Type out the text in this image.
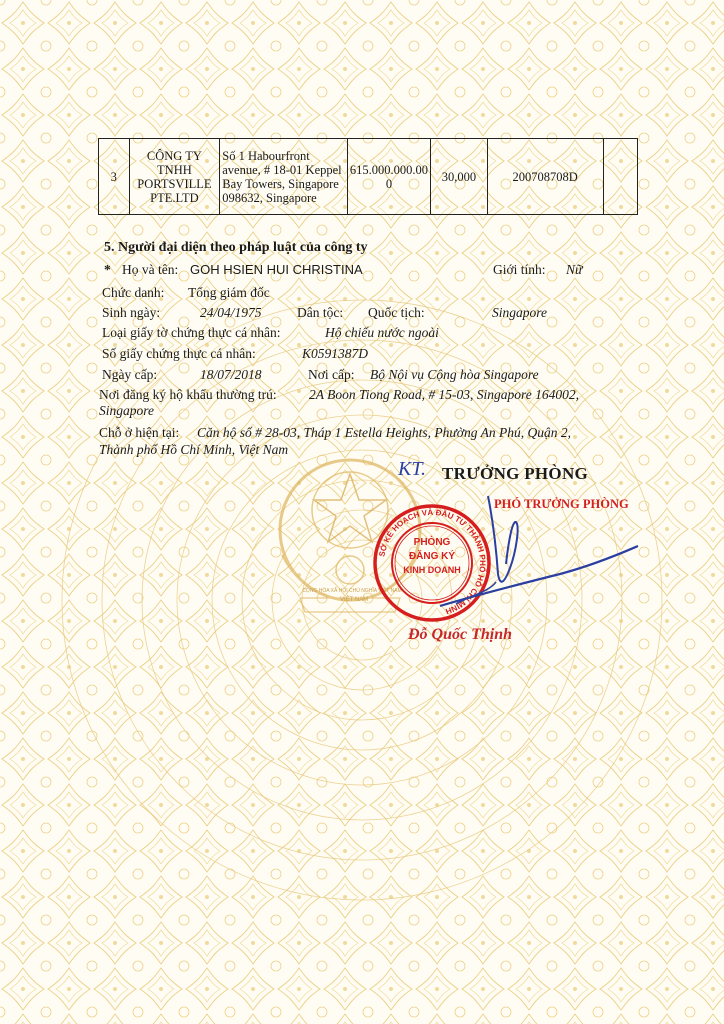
CỘNG HÒA XÃ HỘI CHỦ NGHĨA VIỆT NAM
VIỆT NAM
3	CÔNG TY TNHH PORTSVILLE PTE.LTD	Số 1 Habourfront avenue, # 18-01 Keppel Bay Towers, Singapore 098632, Singapore	615.000.000.000	30,000	200708708D	
5. Người đại diện theo pháp luật của công ty
* Họ và tên: GOH HSIEN HUI CHRISTINA	Giới tính: Nữ
Chức danh: Tổng giám đốc
Sinh ngày:	24/04/1975	Dân tộc: Quốc tịch:	Singapore
Loại giấy tờ chứng thực cá nhân:	Hộ chiếu nước ngoài
Số giấy chứng thực cá nhân:	K0591387D
Ngày cấp:	18/07/2018	Nơi cấp: Bộ Nội vụ Cộng hòa Singapore
Nơi đăng ký hộ khẩu thường trú: 2A Boon Tiong Road, # 15-03, Singapore 164002,
Singapore
Chỗ ở hiện tại: Căn hộ số # 28-03, Tháp 1 Estella Heights, Phường An Phú, Quận 2,
Thành phố Hồ Chí Minh, Việt Nam
KT. TRƯỞNG PHÒNG
PHÓ TRƯỞNG PHÒNG
PHÒNG
ĐĂNG KÝ
KINH DOANH
SỞ KẾ HOẠCH VÀ ĐẦU TƯ THÀNH PHỐ HỒ CHÍ MINH
Đỗ Quốc Thịnh
